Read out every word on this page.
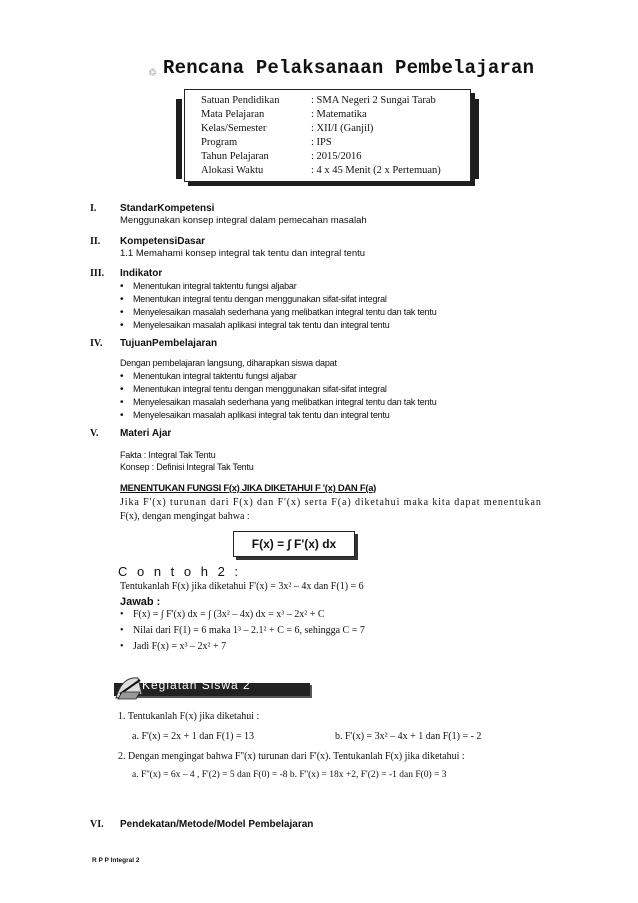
♲ Rencana Pelaksanaan Pembelajaran
Satuan Pendidikan	: SMA Negeri 2 Sungai Tarab
Mata Pelajaran	: Matematika
Kelas/Semester	: XII/I (Ganjil)
Program	: IPS
Tahun Pelajaran	: 2015/2016
Alokasi Waktu	: 4 x 45 Menit (2 x Pertemuan)
I. StandarKompetensi
Menggunakan konsep integral dalam pemecahan masalah
II. KompetensiDasar
1.1 Memahami konsep integral tak tentu dan integral tentu
III. Indikator
• Menentukan integral taktentu fungsi aljabar
• Menentukan integral tentu dengan menggunakan sifat-sifat integral
• Menyelesaikan masalah sederhana yang melibatkan integral tentu dan tak tentu
• Menyelesaikan masalah aplikasi integral tak tentu dan integral tentu
IV. TujuanPembelajaran
Dengan pembelajaran langsung, diharapkan siswa dapat
• Menentukan integral taktentu fungsi aljabar
• Menentukan integral tentu dengan menggunakan sifat-sifat integral
• Menyelesaikan masalah sederhana yang melibatkan integral tentu dan tak tentu
• Menyelesaikan masalah aplikasi integral tak tentu dan integral tentu
V. Materi Ajar
Fakta : Integral Tak Tentu
Konsep : Definisi Integral Tak Tentu
MENENTUKAN FUNGSI F(x) JIKA DIKETAHUI F '(x) DAN F(a)
Jika F'(x) turunan dari F(x) dan F'(x) serta F(a) diketahui maka kita dapat menentukan
F(x), dengan mengingat bahwa :
F(x) = ∫ F'(x) dx
C o n t o h 2 :
Tentukanlah F(x) jika diketahui F'(x) = 3x² – 4x dan F(1) = 6
Jawab :
• F(x) = ∫ F'(x) dx = ∫ (3x² – 4x) dx = x³ – 2x² + C
• Nilai dari F(1) = 6 maka 1³ – 2.1² + C = 6, sehingga C = 7
• Jadi F(x) = x³ – 2x² + 7
Kegiatan Siswa 2
1. Tentukanlah F(x) jika diketahui :
a. F'(x) = 2x + 1 dan F(1) = 13	b. F'(x) = 3x² – 4x + 1 dan F(1) = - 2
2. Dengan mengingat bahwa F''(x) turunan dari F'(x). Tentukanlah F(x) jika diketahui :
a. F''(x) = 6x – 4 , F'(2) = 5 dan F(0) = -8 b. F''(x) = 18x +2, F'(2) = -1 dan F(0) = 3
VI. Pendekatan/Metode/Model Pembelajaran
R P P Integral 2
